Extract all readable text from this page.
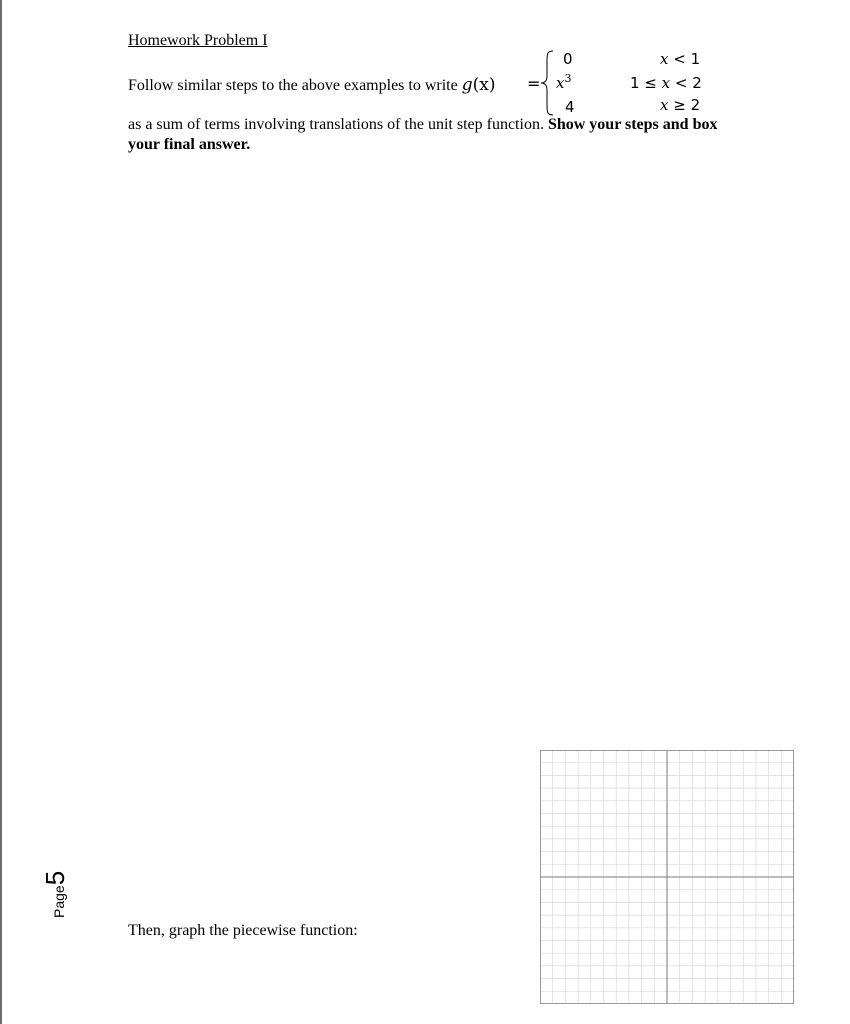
Homework Problem I
Follow similar steps to the above examples to write g(x) =
0
$x^3$
4
x < 1
1 ≤ x < 2
x ≥ 2
as a sum of terms involving translations of the unit step function. Show your steps and box your final answer.
Then, graph the piecewise function:
Page5
